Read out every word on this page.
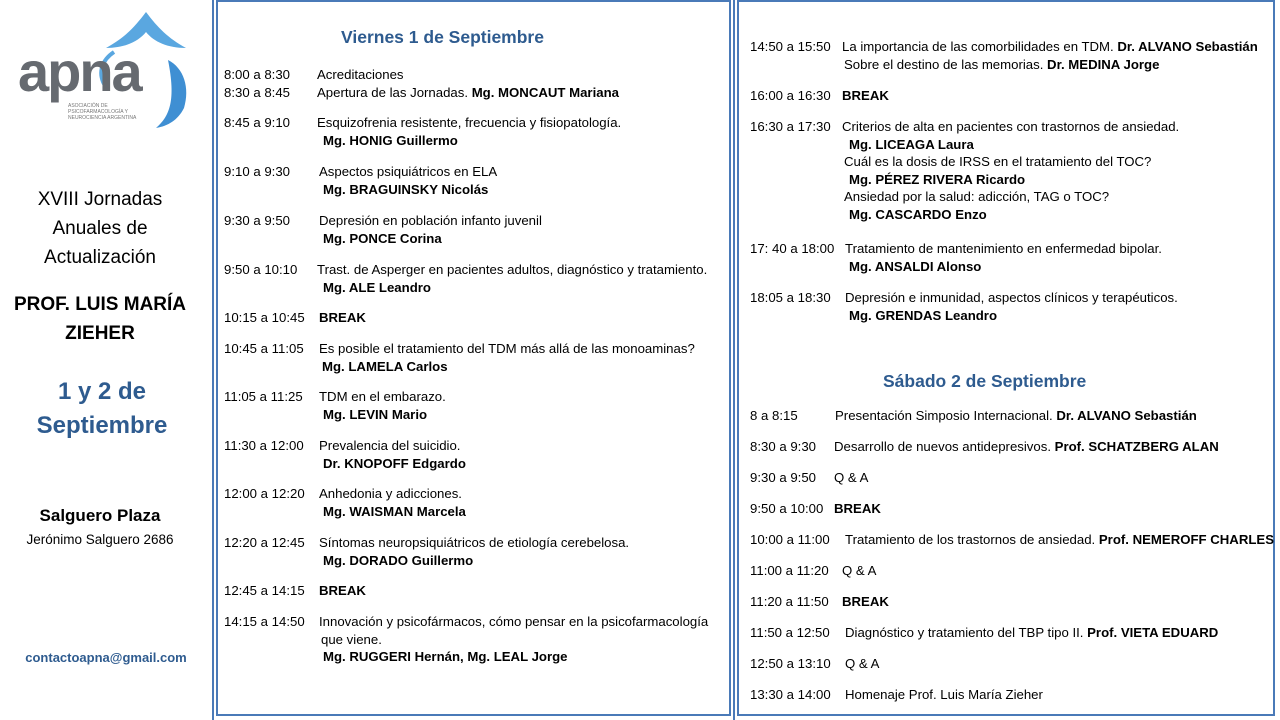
apna
ASOCIACIÓN DE PSICOFARMACOLOGÍA Y NEUROCIENCIA ARGENTINA
XVIII Jornadas
Anuales de
Actualización
PROF. LUIS MARÍA
ZIEHER
1 y 2 de
Septiembre
Salguero Plaza
Jerónimo Salguero 2686
contactoapna@gmail.com
Viernes 1 de Septiembre
Sábado 2 de Septiembre
8:00 a 8:30 Acreditaciones
8:30 a 8:45 Apertura de las Jornadas. Mg. MONCAUT Mariana
8:45 a 9:10 Esquizofrenia resistente, frecuencia y fisiopatología.
Mg. HONIG Guillermo
9:10 a 9:30 Aspectos psiquiátricos en ELA
Mg. BRAGUINSKY Nicolás
9:30 a 9:50 Depresión en población infanto juvenil
Mg. PONCE Corina
9:50 a 10:10 Trast. de Asperger en pacientes adultos, diagnóstico y tratamiento.
Mg. ALE Leandro
10:15 a 10:45 BREAK
10:45 a 11:05 Es posible el tratamiento del TDM más allá de las monoaminas?
Mg. LAMELA Carlos
11:05 a 11:25 TDM en el embarazo.
Mg. LEVIN Mario
11:30 a 12:00 Prevalencia del suicidio.
Dr. KNOPOFF Edgardo
12:00 a 12:20 Anhedonia y adicciones.
Mg. WAISMAN Marcela
12:20 a 12:45 Síntomas neuropsiquiátricos de etiología cerebelosa.
Mg. DORADO Guillermo
12:45 a 14:15 BREAK
14:15 a 14:50 Innovación y psicofármacos, cómo pensar en la psicofarmacología
que viene.
Mg. RUGGERI Hernán, Mg. LEAL Jorge
14:50 a 15:50 La importancia de las comorbilidades en TDM. Dr. ALVANO Sebastián
Sobre el destino de las memorias. Dr. MEDINA Jorge
16:00 a 16:30 BREAK
16:30 a 17:30 Criterios de alta en pacientes con trastornos de ansiedad.
Mg. LICEAGA Laura
Cuál es la dosis de IRSS en el tratamiento del TOC?
Mg. PÉREZ RIVERA Ricardo
Ansiedad por la salud: adicción, TAG o TOC?
Mg. CASCARDO Enzo
17: 40 a 18:00 Tratamiento de mantenimiento en enfermedad bipolar.
Mg. ANSALDI Alonso
18:05 a 18:30 Depresión e inmunidad, aspectos clínicos y terapéuticos.
Mg. GRENDAS Leandro
8 a 8:15	Presentación Simposio Internacional. Dr. ALVANO Sebastián
8:30 a 9:30 Desarrollo de nuevos antidepresivos. Prof. SCHATZBERG ALAN
9:30 a 9:50 Q & A
9:50 a 10:00 BREAK
10:00 a 11:00 Tratamiento de los trastornos de ansiedad. Prof. NEMEROFF CHARLES
11:00 a 11:20 Q & A
11:20 a 11:50 BREAK
11:50 a 12:50 Diagnóstico y tratamiento del TBP tipo II. Prof. VIETA EDUARD
12:50 a 13:10 Q & A
13:30 a 14:00 Homenaje Prof. Luis María Zieher
